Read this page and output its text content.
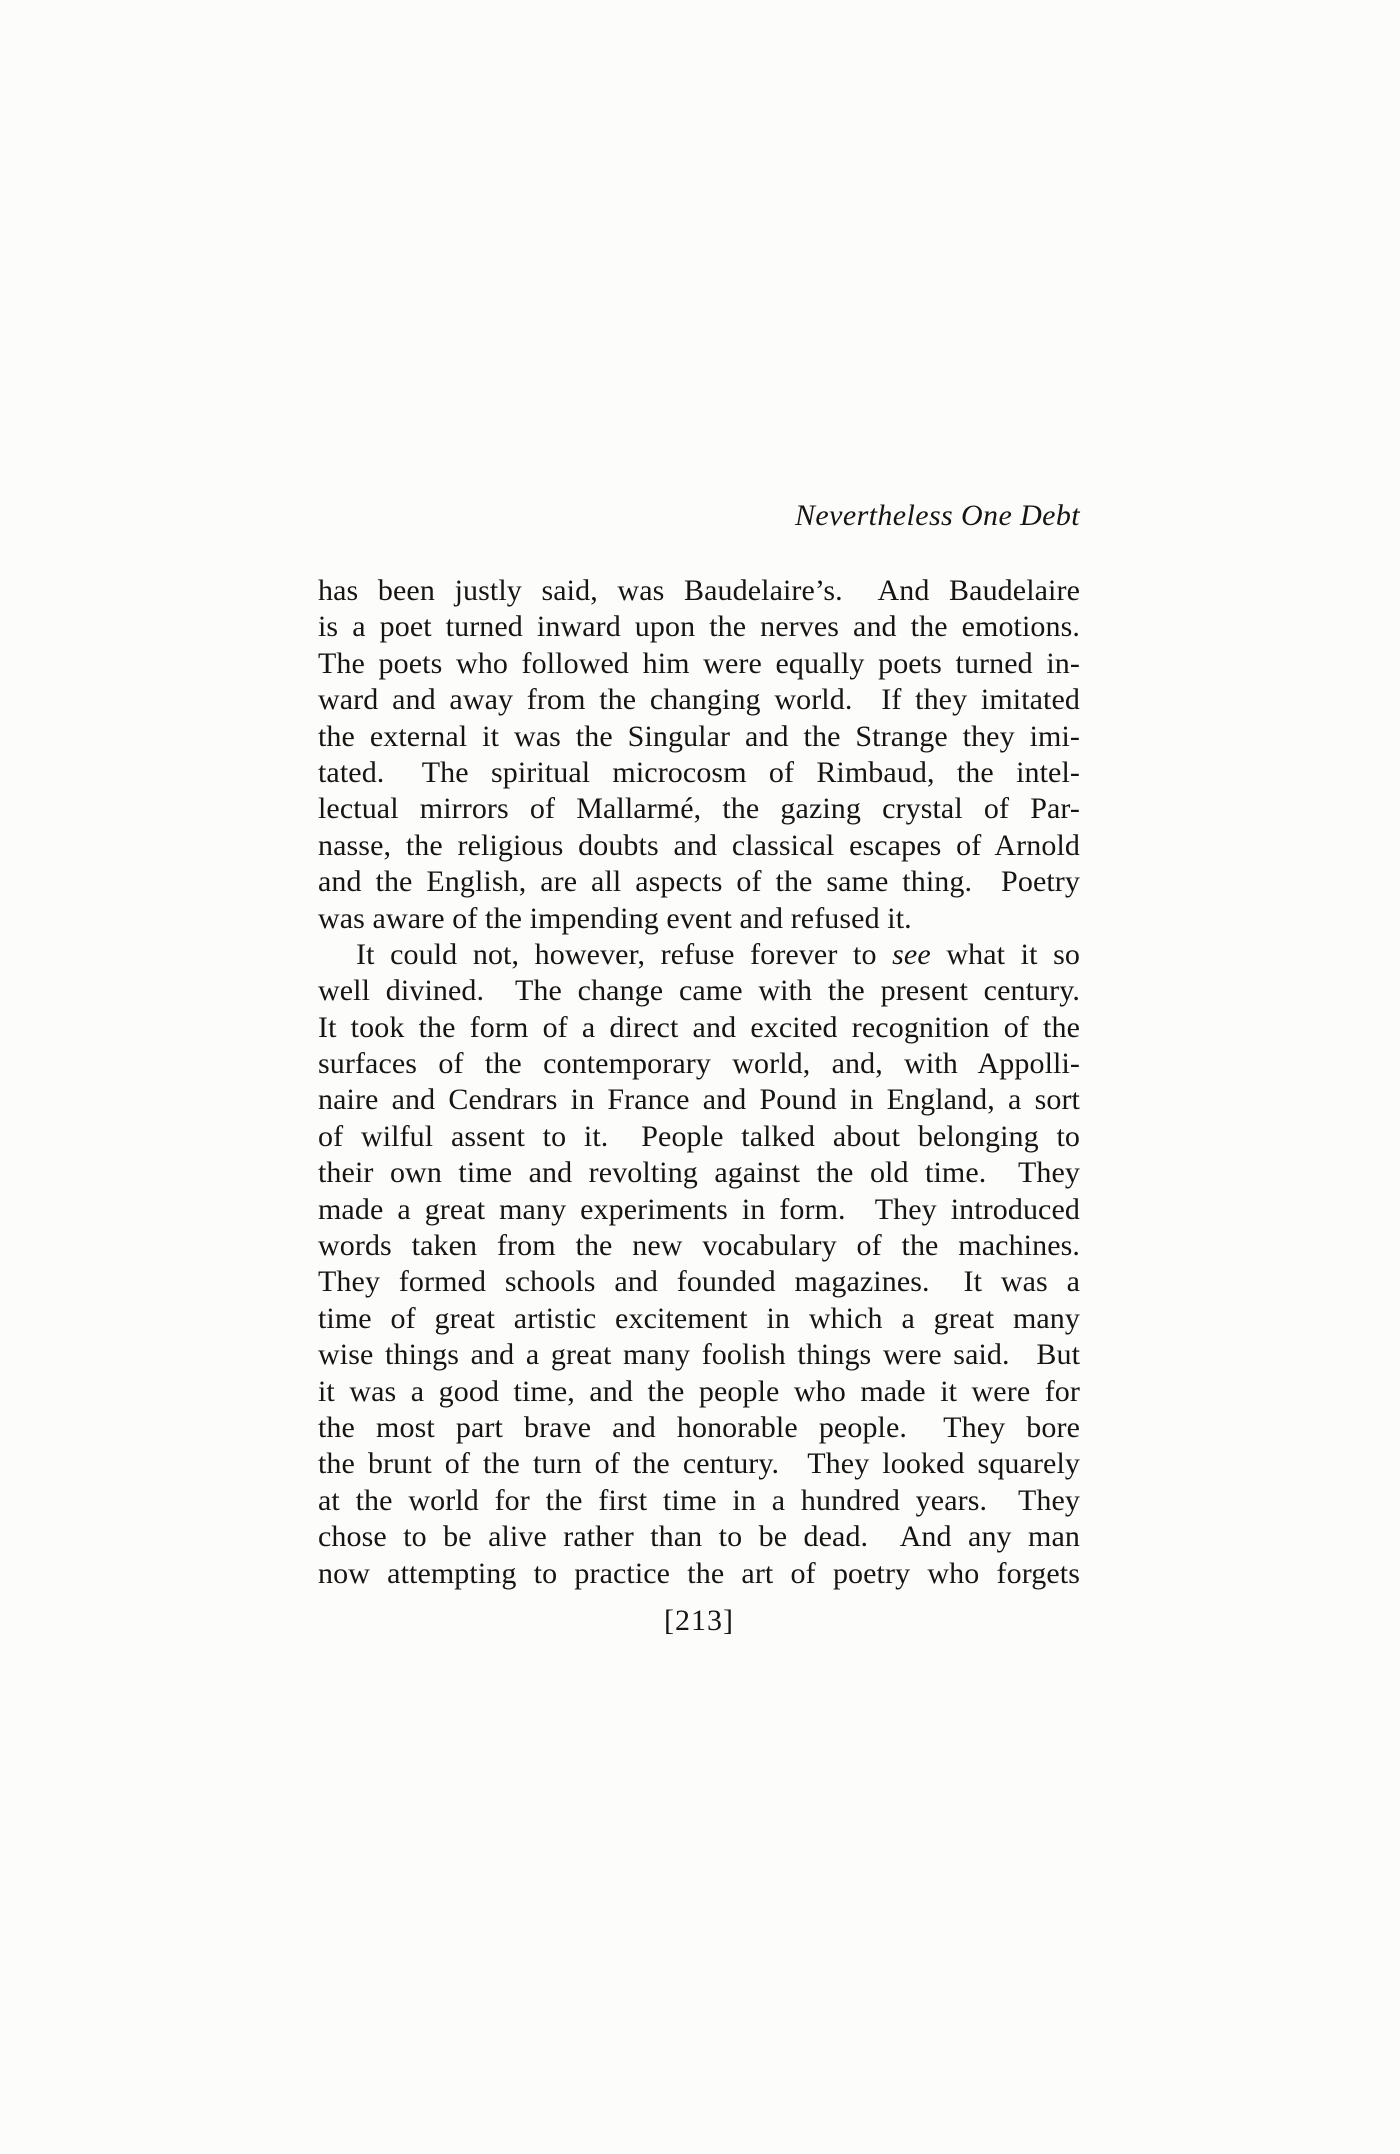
Nevertheless One Debt
has been justly said, was Baudelaire’s.  And Baudelaire
is a poet turned inward upon the nerves and the emotions.
The poets who followed him were equally poets turned in-
ward and away from the changing world.  If they imitated
the external it was the Singular and the Strange they imi-
tated.  The spiritual microcosm of Rimbaud, the intel-
lectual mirrors of Mallarmé, the gazing crystal of Par-
nasse, the religious doubts and classical escapes of Arnold
and the English, are all aspects of the same thing.  Poetry
was aware of the impending event and refused it.
It could not, however, refuse forever to see what it so
well divined.  The change came with the present century.
It took the form of a direct and excited recognition of the
surfaces of the contemporary world, and, with Appolli-
naire and Cendrars in France and Pound in England, a sort
of wilful assent to it.  People talked about belonging to
their own time and revolting against the old time.  They
made a great many experiments in form.  They introduced
words taken from the new vocabulary of the machines.
They formed schools and founded magazines.  It was a
time of great artistic excitement in which a great many
wise things and a great many foolish things were said.  But
it was a good time, and the people who made it were for
the most part brave and honorable people.  They bore
the brunt of the turn of the century.  They looked squarely
at the world for the first time in a hundred years.  They
chose to be alive rather than to be dead.  And any man
now attempting to practice the art of poetry who forgets
[213]
